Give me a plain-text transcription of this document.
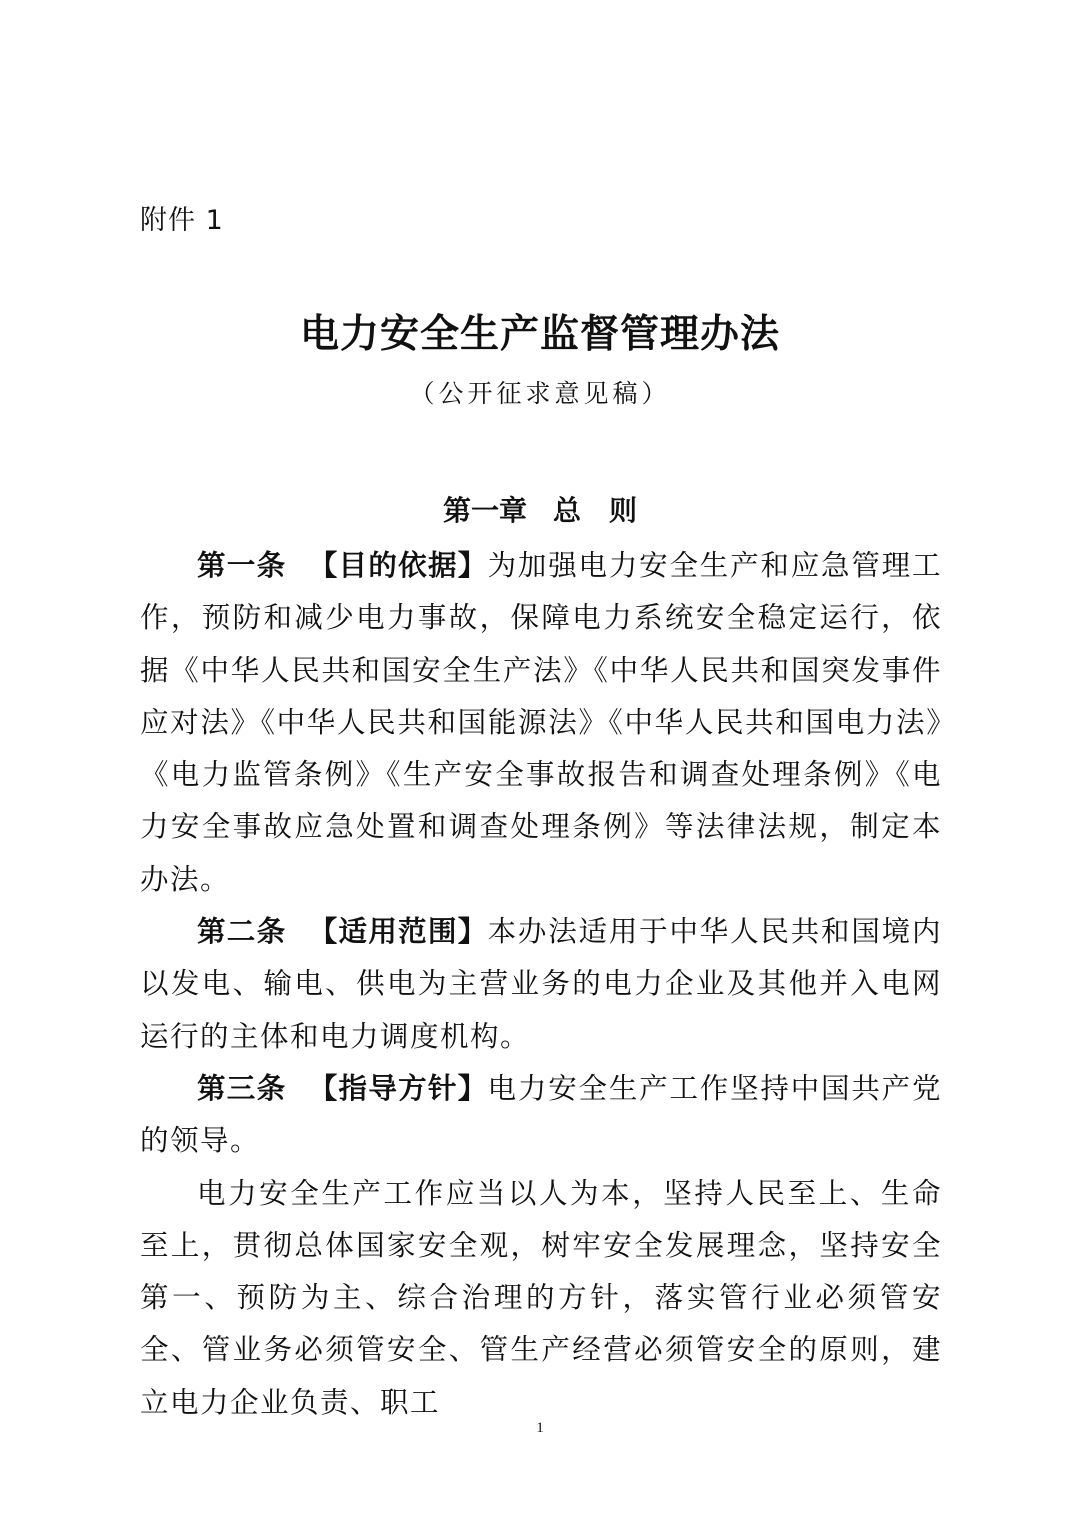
附件 1
电力安全生产监督管理办法
（公开征求意见稿）
第一章 总　则

第一条 【目的依据】为加强电力安全生产和应急管理工作，预防和减少电力事故，保障电力系统安全稳定运行，依据《中华人民共和国安全生产法》《中华人民共和国突发事件应对法》《中华人民共和国能源法》《中华人民共和国电力法》《电力监管条例》《生产安全事故报告和调查处理条例》《电力安全事故应急处置和调查处理条例》等法律法规，制定本办法。

第二条 【适用范围】本办法适用于中华人民共和国境内以发电、输电、供电为主营业务的电力企业及其他并入电网运行的主体和电力调度机构。

第三条 【指导方针】电力安全生产工作坚持中国共产党的领导。

电力安全生产工作应当以人为本，坚持人民至上、生命至上，贯彻总体国家安全观，树牢安全发展理念，坚持安全第一、预防为主、综合治理的方针，落实管行业必须管安全、管业务必须管安全、管生产经营必须管安全的原则，建立电力企业负责、职工

1
